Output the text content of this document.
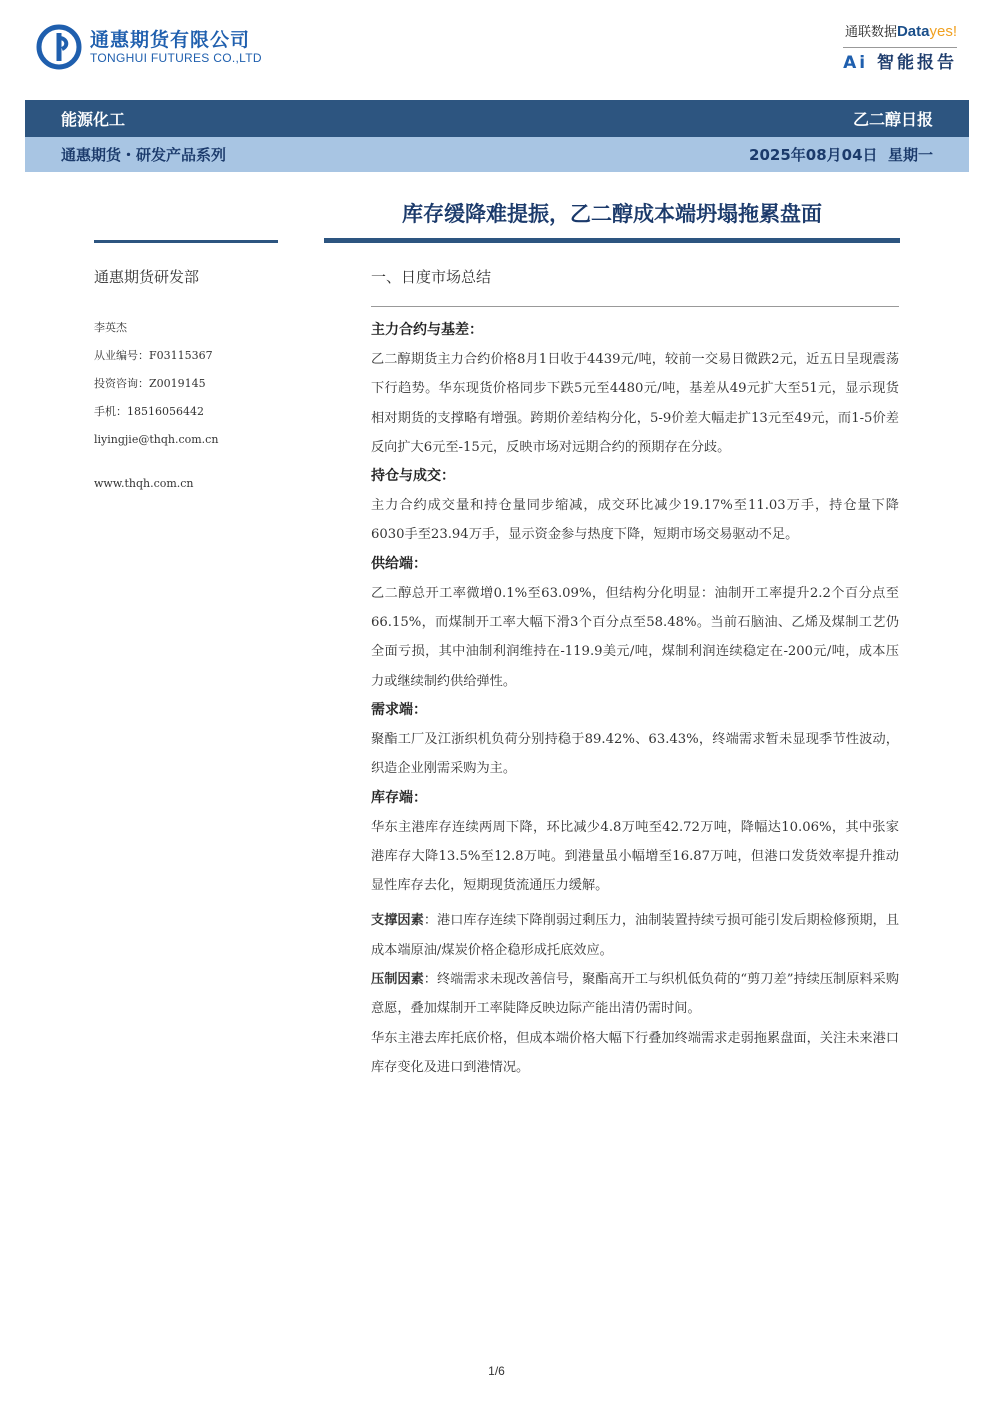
通惠期货有限公司
TONGHUI FUTURES CO.,LTD
通联数据Datayes!
Ai 智能报告
能源化工	乙二醇日报
通惠期货・研发产品系列	2025年08月04日  星期一
库存缓降难提振，乙二醇成本端坍塌拖累盘面
通惠期货研发部
李英杰
从业编号：F03115367
投资咨询：Z0019145
手机：18516056442
liyingjie@thqh.com.cn
www.thqh.com.cn
一、日度市场总结
主力合约与基差：
乙二醇期货主力合约价格8月1日收于4439元/吨，较前一交易日微跌2元，近五日呈现震荡下行趋势。华东现货价格同步下跌5元至4480元/吨，基差从49元扩大至51元，显示现货相对期货的支撑略有增强。跨期价差结构分化，5-9价差大幅走扩13元至49元，而1-5价差反向扩大6元至-15元，反映市场对远期合约的预期存在分歧。
持仓与成交：
主力合约成交量和持仓量同步缩减，成交环比减少19.17%至11.03万手，持仓量下降6030手至23.94万手，显示资金参与热度下降，短期市场交易驱动不足。
供给端：
乙二醇总开工率微增0.1%至63.09%，但结构分化明显：油制开工率提升2.2个百分点至66.15%，而煤制开工率大幅下滑3个百分点至58.48%。当前石脑油、乙烯及煤制工艺仍全面亏损，其中油制利润维持在-119.9美元/吨，煤制利润连续稳定在-200元/吨，成本压力或继续制约供给弹性。
需求端：
聚酯工厂及江浙织机负荷分别持稳于89.42%、63.43%，终端需求暂未显现季节性波动，织造企业刚需采购为主。
库存端：
华东主港库存连续两周下降，环比减少4.8万吨至42.72万吨，降幅达10.06%，其中张家港库存大降13.5%至12.8万吨。到港量虽小幅增至16.87万吨，但港口发货效率提升推动显性库存去化，短期现货流通压力缓解。
支撑因素：港口库存连续下降削弱过剩压力，油制装置持续亏损可能引发后期检修预期，且成本端原油/煤炭价格企稳形成托底效应。
压制因素：终端需求未现改善信号，聚酯高开工与织机低负荷的“剪刀差”持续压制原料采购意愿，叠加煤制开工率陡降反映边际产能出清仍需时间。
华东主港去库托底价格，但成本端价格大幅下行叠加终端需求走弱拖累盘面，关注未来港口库存变化及进口到港情况。
1/6
